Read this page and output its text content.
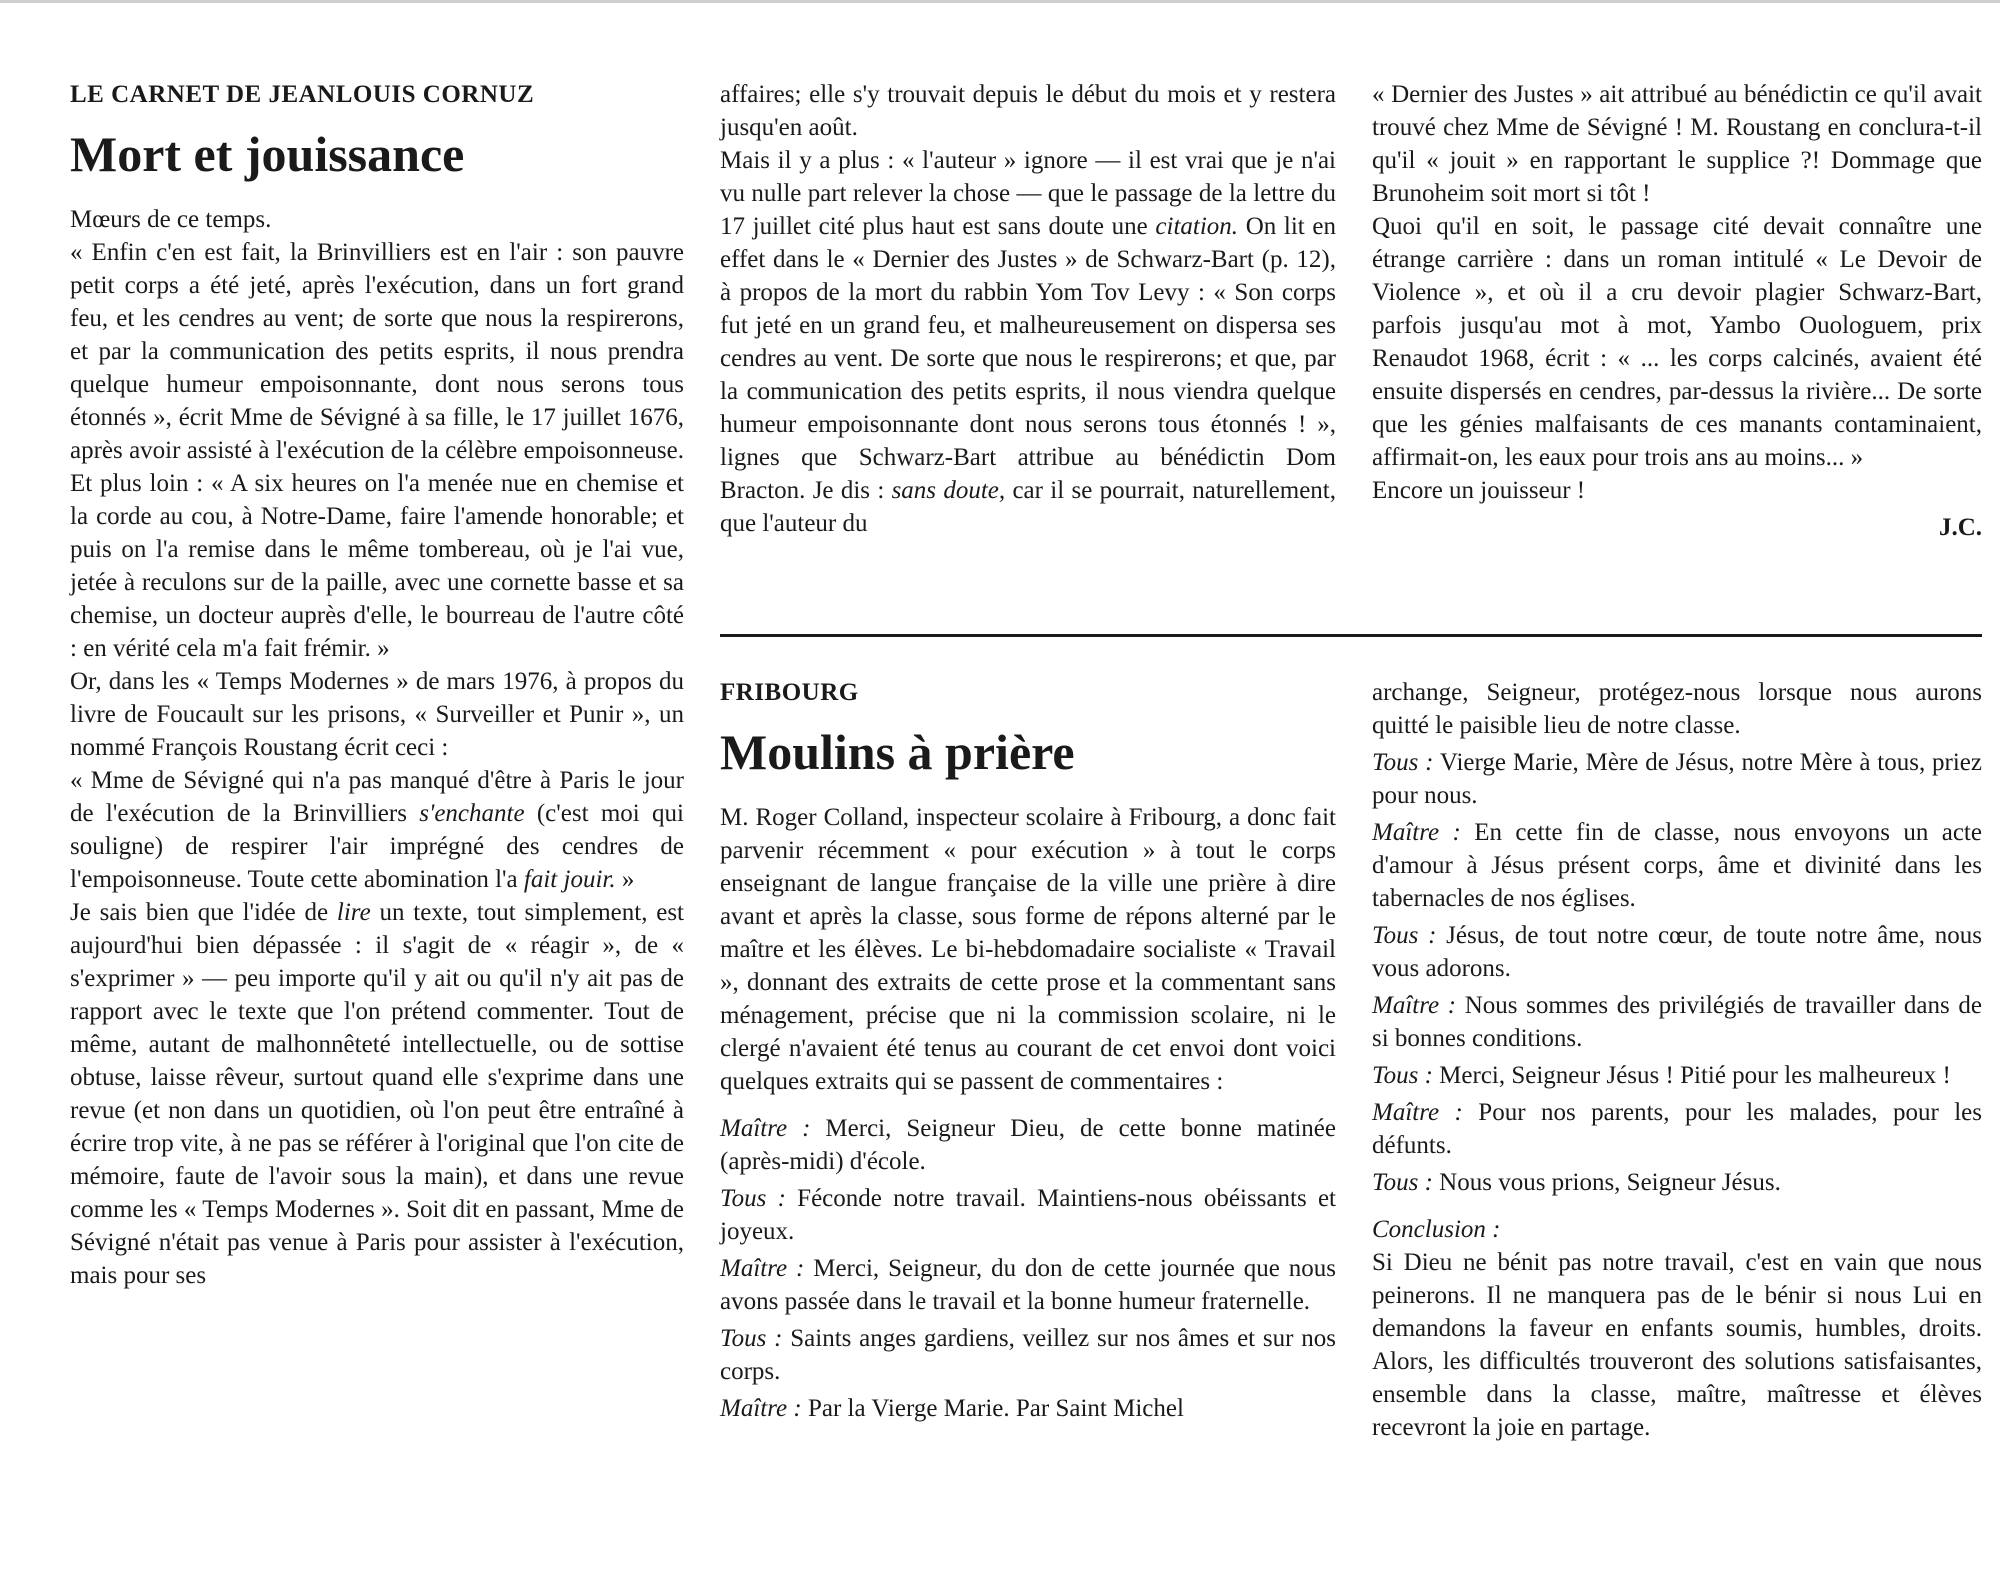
LE CARNET DE JEANLOUIS CORNUZ

Mort et jouissance

Mœurs de ce temps.

« Enfin c'en est fait, la Brinvilliers est en l'air : son pauvre petit corps a été jeté, après l'exécution, dans un fort grand feu, et les cendres au vent; de sorte que nous la respirerons, et par la communication des petits esprits, il nous prendra quelque humeur empoisonnante, dont nous serons tous étonnés », écrit Mme de Sévigné à sa fille, le 17 juillet 1676, après avoir assisté à l'exécution de la célèbre empoisonneuse. Et plus loin : « A six heures on l'a menée nue en chemise et la corde au cou, à Notre-Dame, faire l'amende honorable; et puis on l'a remise dans le même tombereau, où je l'ai vue, jetée à reculons sur de la paille, avec une cornette basse et sa chemise, un docteur auprès d'elle, le bourreau de l'autre côté : en vérité cela m'a fait frémir. »

Or, dans les « Temps Modernes » de mars 1976, à propos du livre de Foucault sur les prisons, « Surveiller et Punir », un nommé François Roustang écrit ceci :

« Mme de Sévigné qui n'a pas manqué d'être à Paris le jour de l'exécution de la Brinvilliers s'enchante (c'est moi qui souligne) de respirer l'air imprégné des cendres de l'empoisonneuse. Toute cette abomination l'a fait jouir. »

Je sais bien que l'idée de lire un texte, tout simplement, est aujourd'hui bien dépassée : il s'agit de « réagir », de « s'exprimer » — peu importe qu'il y ait ou qu'il n'y ait pas de rapport avec le texte que l'on prétend commenter. Tout de même, autant de malhonnêteté intellectuelle, ou de sottise obtuse, laisse rêveur, surtout quand elle s'exprime dans une revue (et non dans un quotidien, où l'on peut être entraîné à écrire trop vite, à ne pas se référer à l'original que l'on cite de mémoire, faute de l'avoir sous la main), et dans une revue comme les « Temps Modernes ». Soit dit en passant, Mme de Sévigné n'était pas venue à Paris pour assister à l'exécution, mais pour ses

affaires; elle s'y trouvait depuis le début du mois et y restera jusqu'en août.

Mais il y a plus : « l'auteur » ignore — il est vrai que je n'ai vu nulle part relever la chose — que le passage de la lettre du 17 juillet cité plus haut est sans doute une citation. On lit en effet dans le « Dernier des Justes » de Schwarz-Bart (p. 12), à propos de la mort du rabbin Yom Tov Levy : « Son corps fut jeté en un grand feu, et malheureusement on dispersa ses cendres au vent. De sorte que nous le respirerons; et que, par la communication des petits esprits, il nous viendra quelque humeur empoisonnante dont nous serons tous étonnés ! », lignes que Schwarz-Bart attribue au bénédictin Dom Bracton. Je dis : sans doute, car il se pourrait, naturellement, que l'auteur du

« Dernier des Justes » ait attribué au bénédictin ce qu'il avait trouvé chez Mme de Sévigné ! M. Roustang en conclura-t-il qu'il « jouit » en rapportant le supplice ?! Dommage que Brunoheim soit mort si tôt !

Quoi qu'il en soit, le passage cité devait connaître une étrange carrière : dans un roman intitulé « Le Devoir de Violence », et où il a cru devoir plagier Schwarz-Bart, parfois jusqu'au mot à mot, Yambo Ouologuem, prix Renaudot 1968, écrit : « ... les corps calcinés, avaient été ensuite dispersés en cendres, par-dessus la rivière... De sorte que les génies malfaisants de ces manants contaminaient, affirmait-on, les eaux pour trois ans au moins... »

Encore un jouisseur !

J.C.

FRIBOURG

Moulins à prière

M. Roger Colland, inspecteur scolaire à Fribourg, a donc fait parvenir récemment « pour exécution » à tout le corps enseignant de langue française de la ville une prière à dire avant et après la classe, sous forme de répons alterné par le maître et les élèves. Le bi-hebdomadaire socialiste « Travail », donnant des extraits de cette prose et la commentant sans ménagement, précise que ni la commission scolaire, ni le clergé n'avaient été tenus au courant de cet envoi dont voici quelques extraits qui se passent de commentaires :

Maître : Merci, Seigneur Dieu, de cette bonne matinée (après-midi) d'école.

Tous : Féconde notre travail. Maintiens-nous obéissants et joyeux.

Maître : Merci, Seigneur, du don de cette journée que nous avons passée dans le travail et la bonne humeur fraternelle.

Tous : Saints anges gardiens, veillez sur nos âmes et sur nos corps.

Maître : Par la Vierge Marie. Par Saint Michel

archange, Seigneur, protégez-nous lorsque nous aurons quitté le paisible lieu de notre classe.

Tous : Vierge Marie, Mère de Jésus, notre Mère à tous, priez pour nous.

Maître : En cette fin de classe, nous envoyons un acte d'amour à Jésus présent corps, âme et divinité dans les tabernacles de nos églises.

Tous : Jésus, de tout notre cœur, de toute notre âme, nous vous adorons.

Maître : Nous sommes des privilégiés de travailler dans de si bonnes conditions.

Tous : Merci, Seigneur Jésus ! Pitié pour les malheureux !

Maître : Pour nos parents, pour les malades, pour les défunts.

Tous : Nous vous prions, Seigneur Jésus.

Conclusion :

Si Dieu ne bénit pas notre travail, c'est en vain que nous peinerons. Il ne manquera pas de le bénir si nous Lui en demandons la faveur en enfants soumis, humbles, droits. Alors, les difficultés trouveront des solutions satisfaisantes, ensemble dans la classe, maître, maîtresse et élèves recevront la joie en partage.
